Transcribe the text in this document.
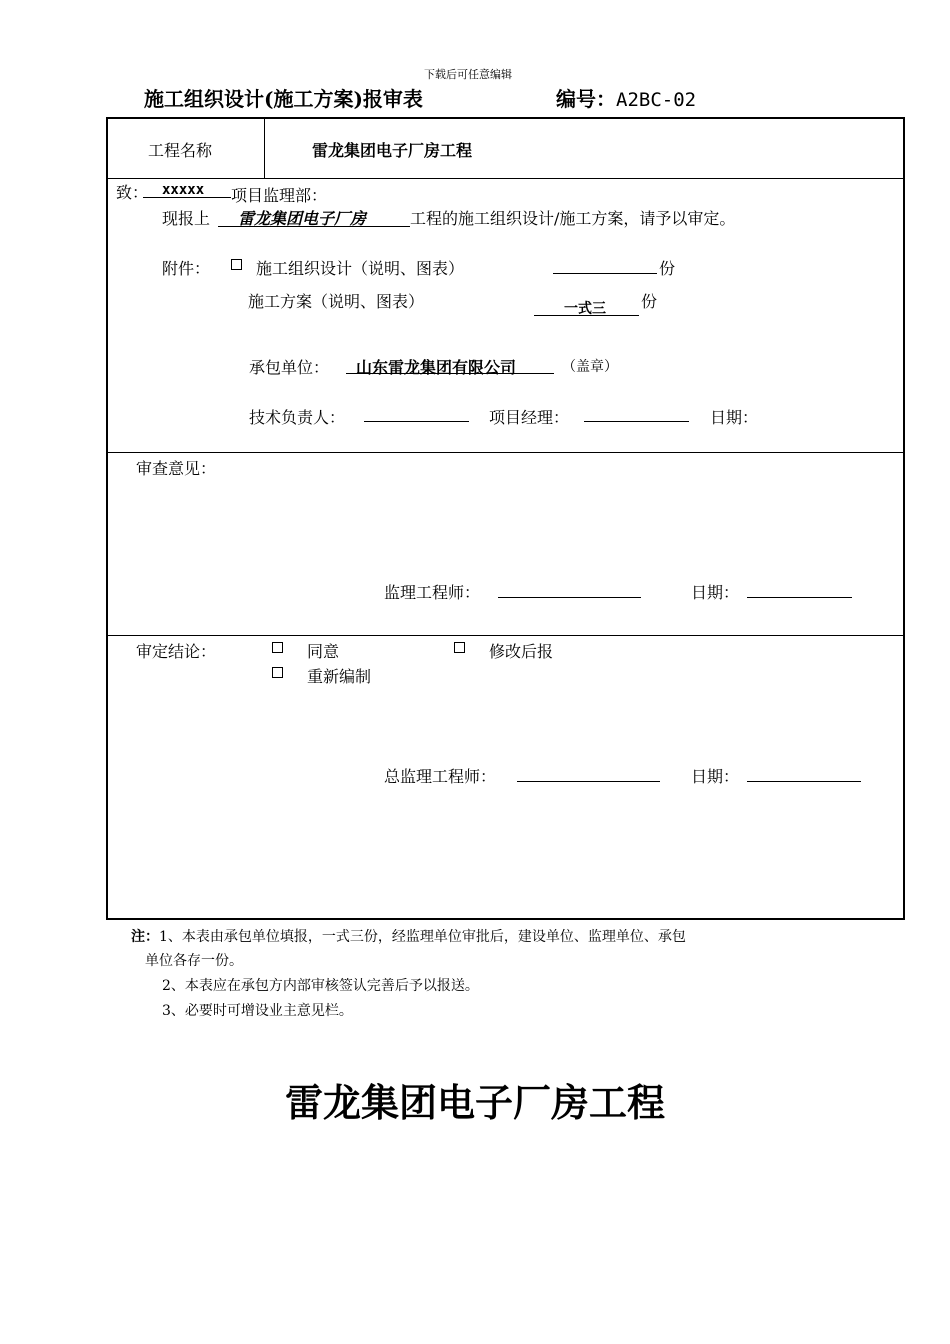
下载后可任意编辑
施工组织设计(施工方案)报审表	编号：A2BC-02
工程名称	雷龙集团电子厂房工程
致： xxxxx 项目监理部：
现报上 雷龙集团电子厂房	工程的施工组织设计/施工方案，请予以审定。
附件：	施工组织设计（说明、图表）	份
施工方案（说明、图表）	一式三 份
承包单位： 山东雷龙集团有限公司	（盖章）
技术负责人：	项目经理：	日期：
审查意见：
监理工程师：	日期：
审定结论：	同意	修改后报
重新编制
总监理工程师：	日期：
注：1、本表由承包单位填报，一式三份，经监理单位审批后，建设单位、监理单位、承包
单位各存一份。
2、本表应在承包方内部审核签认完善后予以报送。
3、必要时可增设业主意见栏。
雷龙集团电子厂房工程
